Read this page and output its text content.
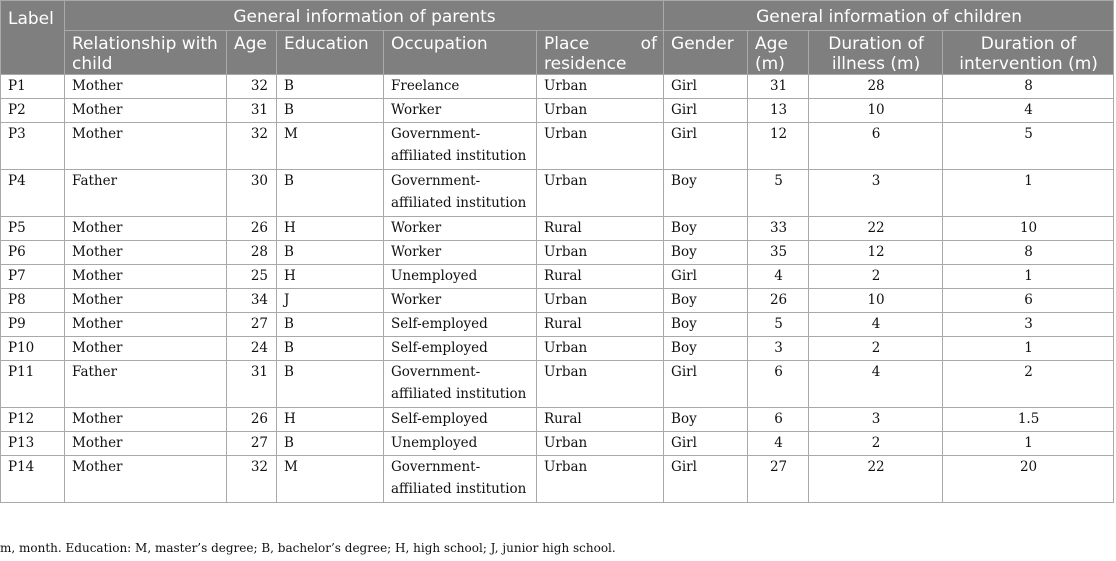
Label	General information of parents					General information of children			
	Relationship with child	Age	Education	Occupation	Place of residence	Gender	Age (m)	Duration of illness (m)	Duration of intervention (m)
P1	Mother	32	B	Freelance	Urban	Girl	31	28	8
P2	Mother	31	B	Worker	Urban	Girl	13	10	4
P3	Mother	32	M	Government-affiliated institution	Urban	Girl	12	6	5
P4	Father	30	B	Government-affiliated institution	Urban	Boy	5	3	1
P5	Mother	26	H	Worker	Rural	Boy	33	22	10
P6	Mother	28	B	Worker	Urban	Boy	35	12	8
P7	Mother	25	H	Unemployed	Rural	Girl	4	2	1
P8	Mother	34	J	Worker	Urban	Boy	26	10	6
P9	Mother	27	B	Self-employed	Rural	Boy	5	4	3
P10	Mother	24	B	Self-employed	Urban	Boy	3	2	1
P11	Father	31	B	Government-affiliated institution	Urban	Girl	6	4	2
P12	Mother	26	H	Self-employed	Rural	Boy	6	3	1.5
P13	Mother	27	B	Unemployed	Urban	Girl	4	2	1
P14	Mother	32	M	Government-affiliated institution	Urban	Girl	27	22	20
m, month. Education: M, master’s degree; B, bachelor’s degree; H, high school; J, junior high school.
